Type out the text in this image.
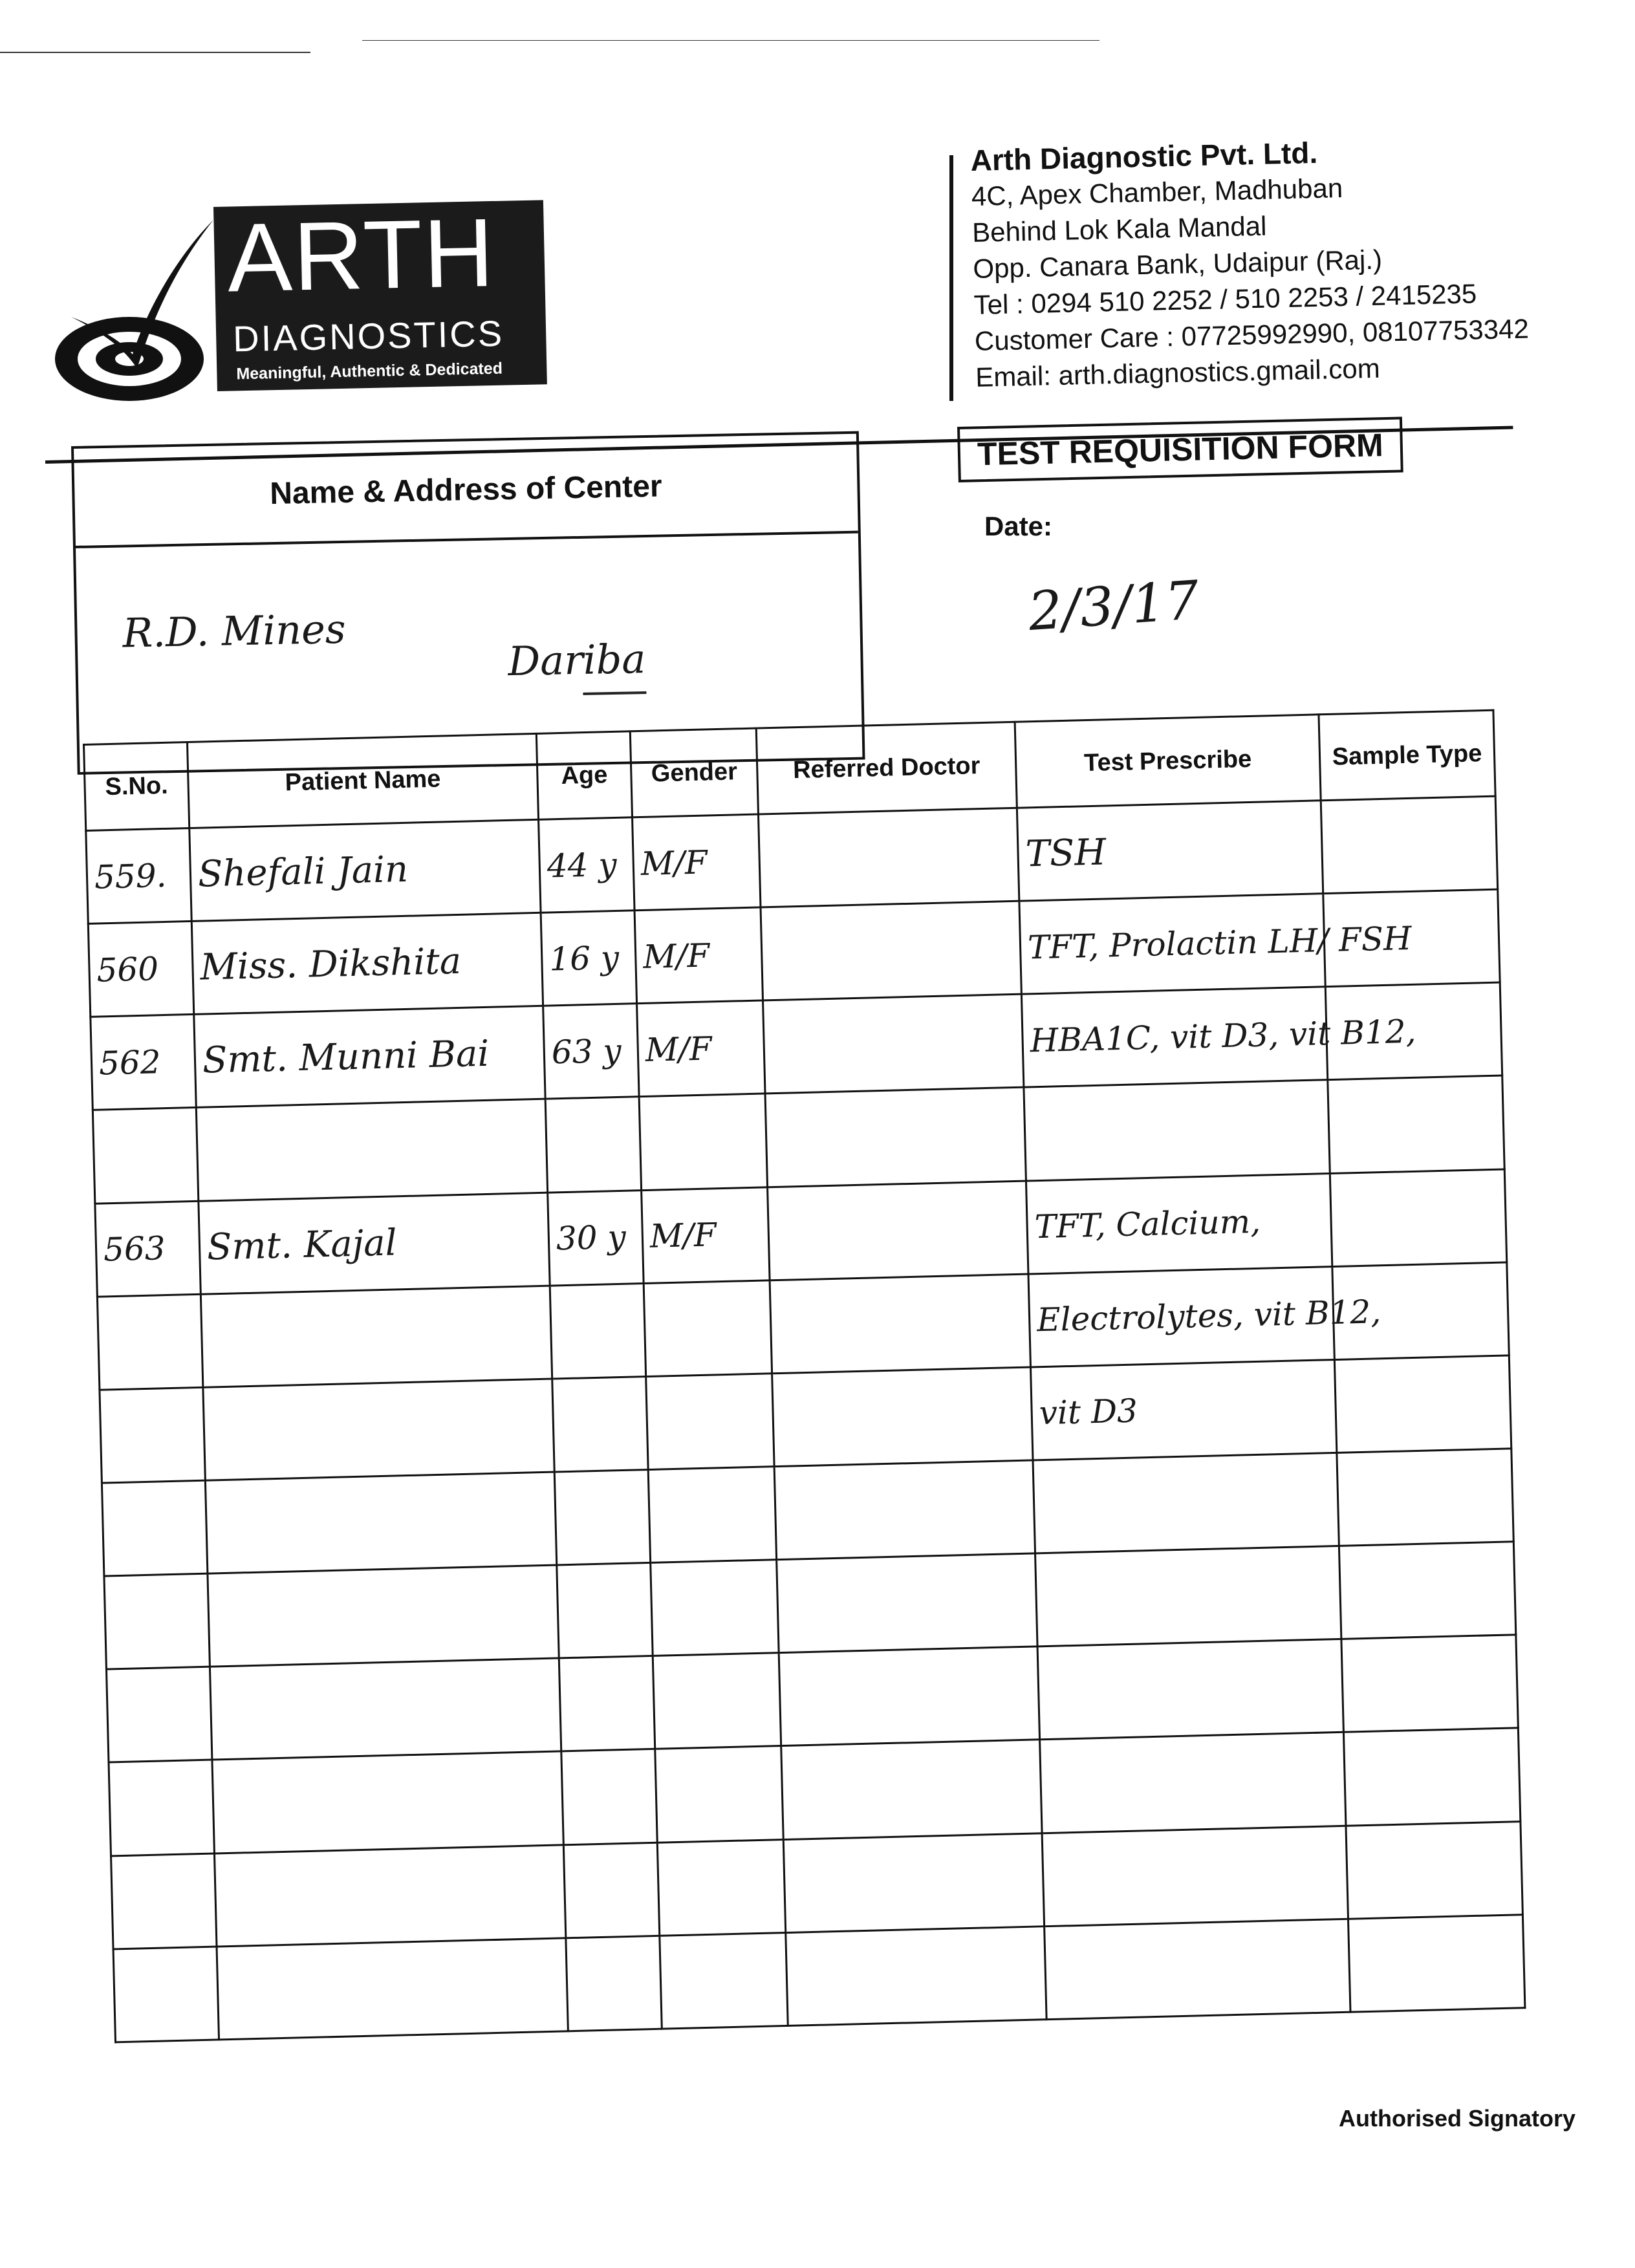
ARTH
DIAGNOSTICS
Meaningful, Authentic & Dedicated
Arth Diagnostic Pvt. Ltd.
4C, Apex Chamber, Madhuban
Behind Lok Kala Mandal
Opp. Canara Bank, Udaipur (Raj.)
Tel : 0294 510 2252 / 510 2253 / 2415235
Customer Care : 07725992990, 08107753342
Email: arth.diagnostics.gmail.com
TEST REQUISITION FORM
Date:
2/3/17
Name & Address of Center
R.D. Mines
Dariba
S.No.	Patient Name	Age	Gender	Referred Doctor	Test Prescribe	Sample Type
559.	Shefali Jain	44 y	M/F		TSH	
560	Miss. Dikshita	16 y	M/F		TFT, Prolactin LH/ FSH	
562	Smt. Munni Bai	63 y	M/F		HBA1C, vit D3, vit B12,	

563	Smt. Kajal	30 y	M/F		TFT, Calcium,	
					Electrolytes, vit B12,	
					vit D3	

Authorised Signatory
